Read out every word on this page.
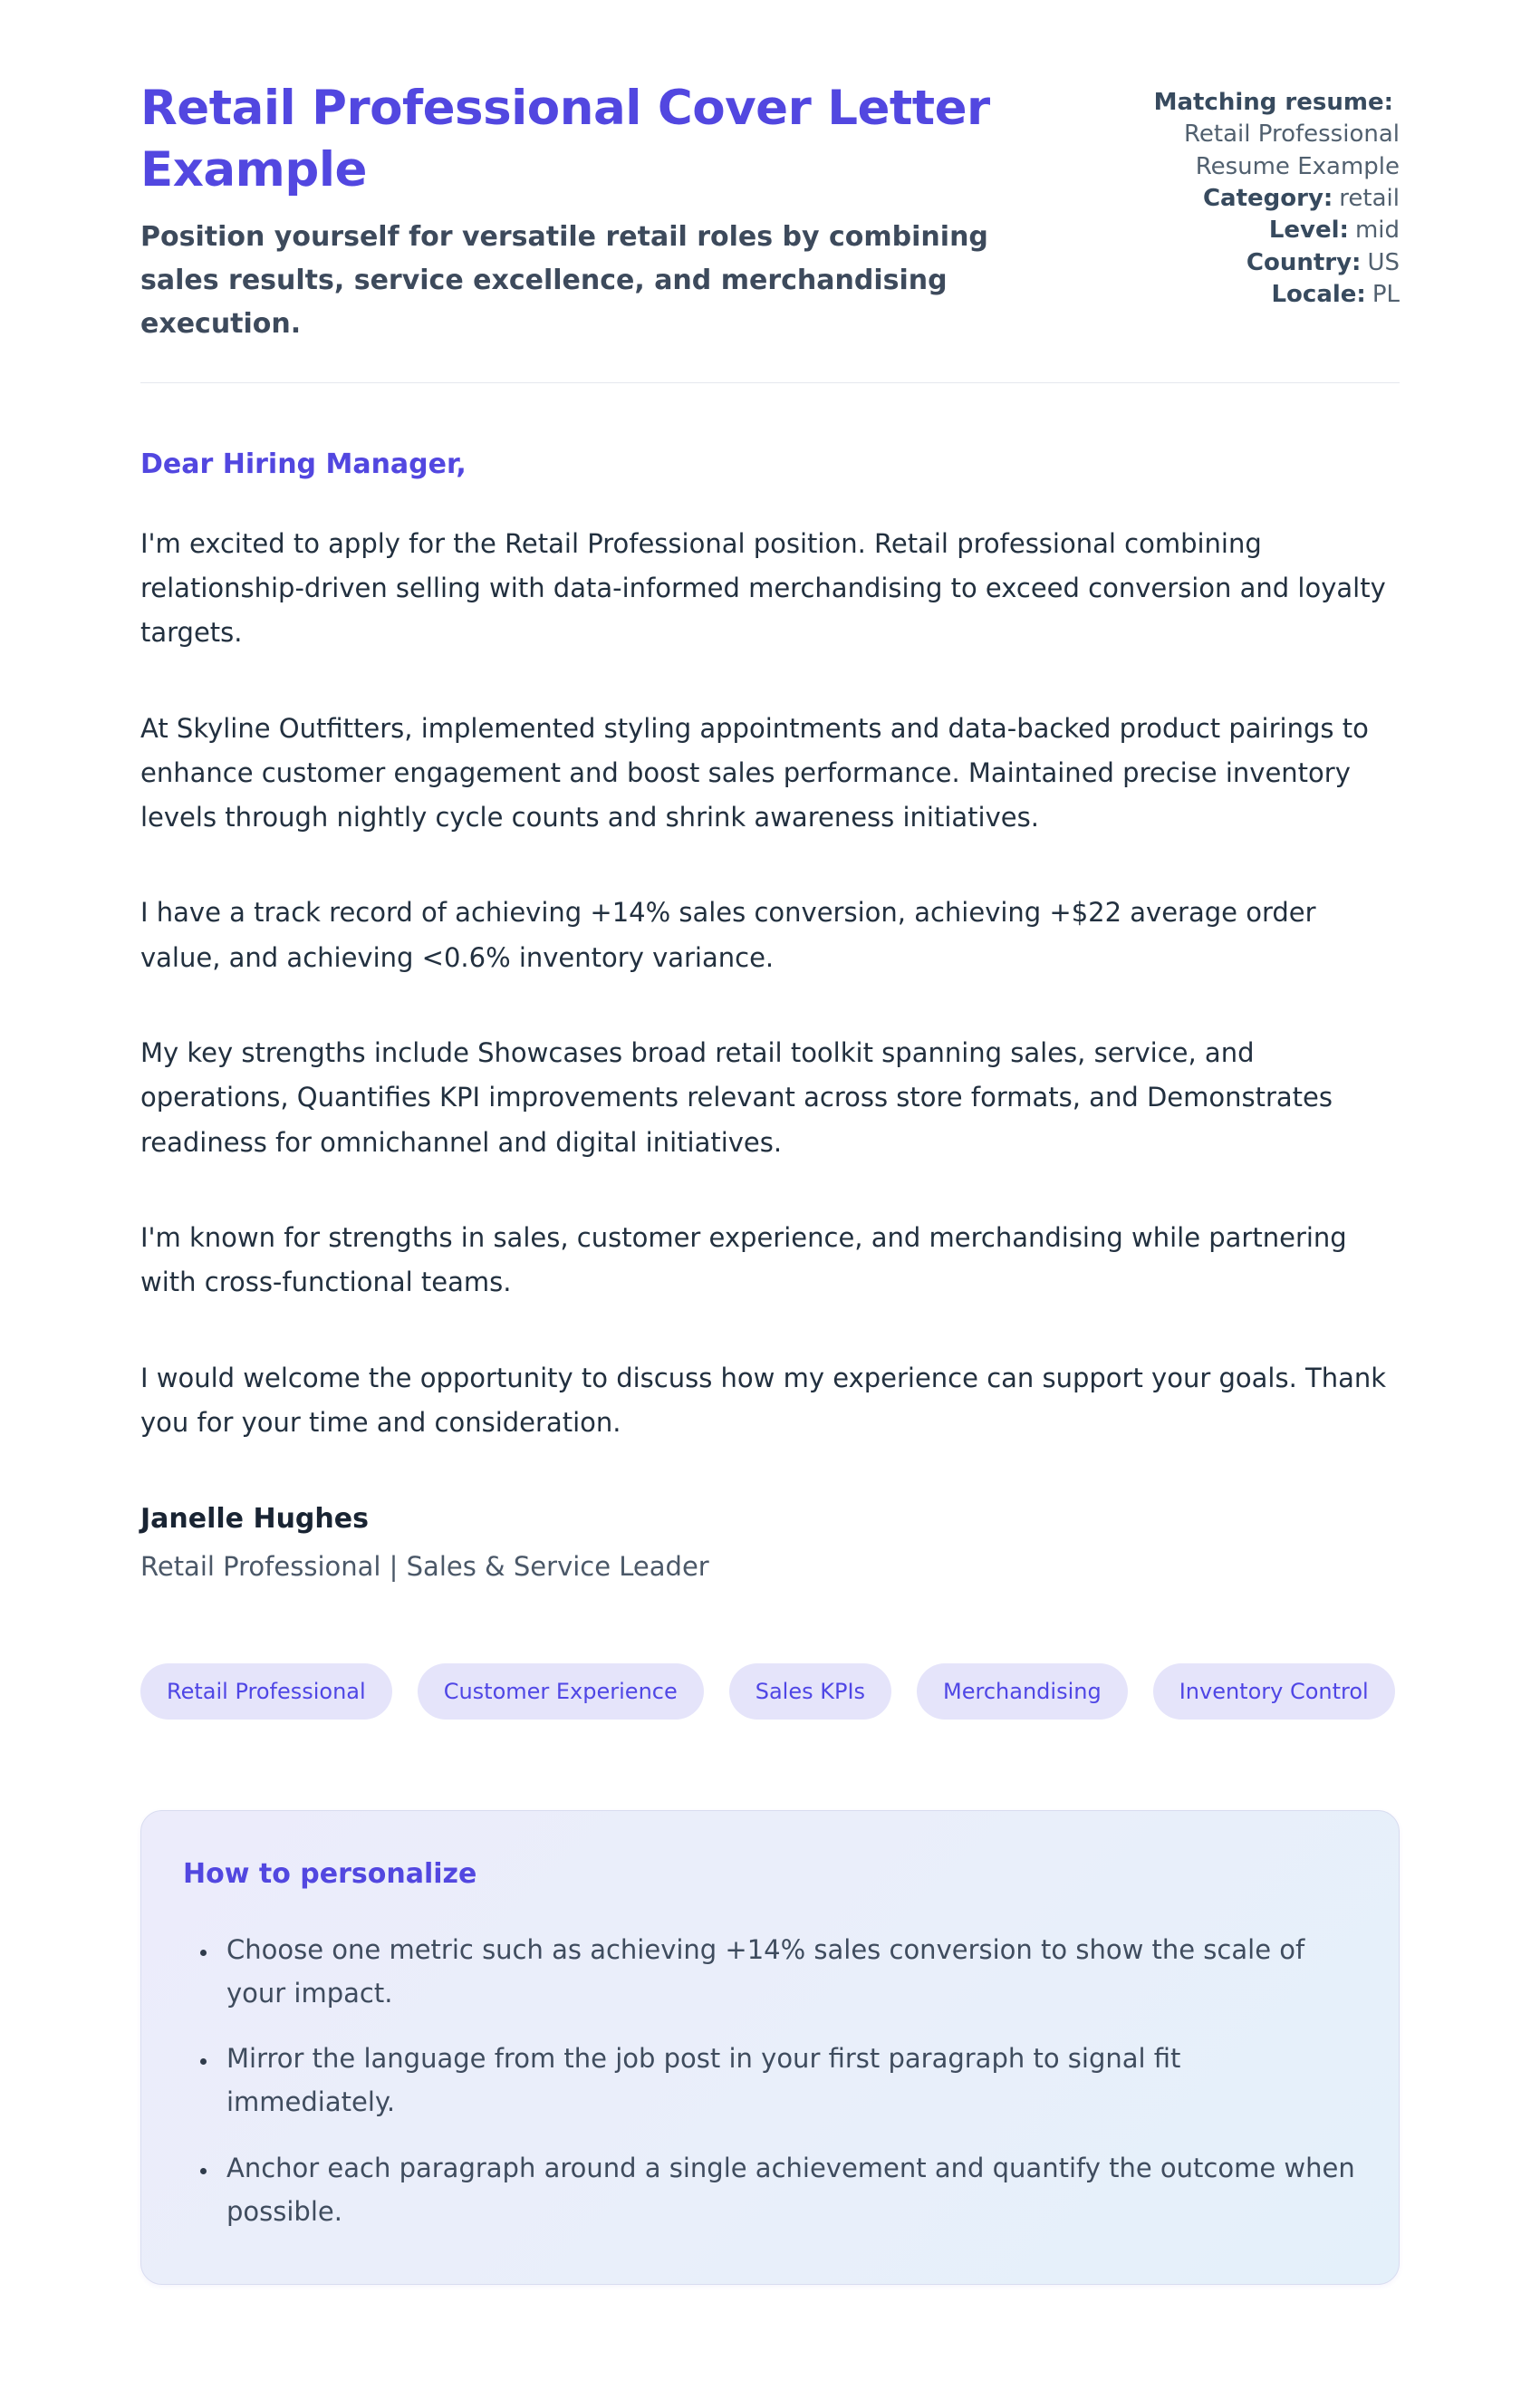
Retail Professional Cover Letter Example

Position yourself for versatile retail roles by combining sales results, service excellence, and merchandising execution.

Matching resume:
Retail Professional Resume Example
Category: retail
Level: mid
Country: US
Locale: PL

Dear Hiring Manager,

I'm excited to apply for the Retail Professional position. Retail professional combining relationship-driven selling with data-informed merchandising to exceed conversion and loyalty targets.

At Skyline Outfitters, implemented styling appointments and data-backed product pairings to enhance customer engagement and boost sales performance. Maintained precise inventory levels through nightly cycle counts and shrink awareness initiatives.

I have a track record of achieving +14% sales conversion, achieving +$22 average order value, and achieving <0.6% inventory variance.

My key strengths include Showcases broad retail toolkit spanning sales, service, and operations, Quantifies KPI improvements relevant across store formats, and Demonstrates readiness for omnichannel and digital initiatives.

I'm known for strengths in sales, customer experience, and merchandising while partnering with cross-functional teams.

I would welcome the opportunity to discuss how my experience can support your goals. Thank you for your time and consideration.

Janelle Hughes

Retail Professional | Sales & Service Leader

Retail Professional	Customer Experience	Sales KPIs	Merchandising	Inventory Control
How to personalize
• Choose one metric such as achieving +14% sales conversion to show the scale of your impact.
• Mirror the language from the job post in your first paragraph to signal fit immediately.
• Anchor each paragraph around a single achievement and quantify the outcome when possible.
